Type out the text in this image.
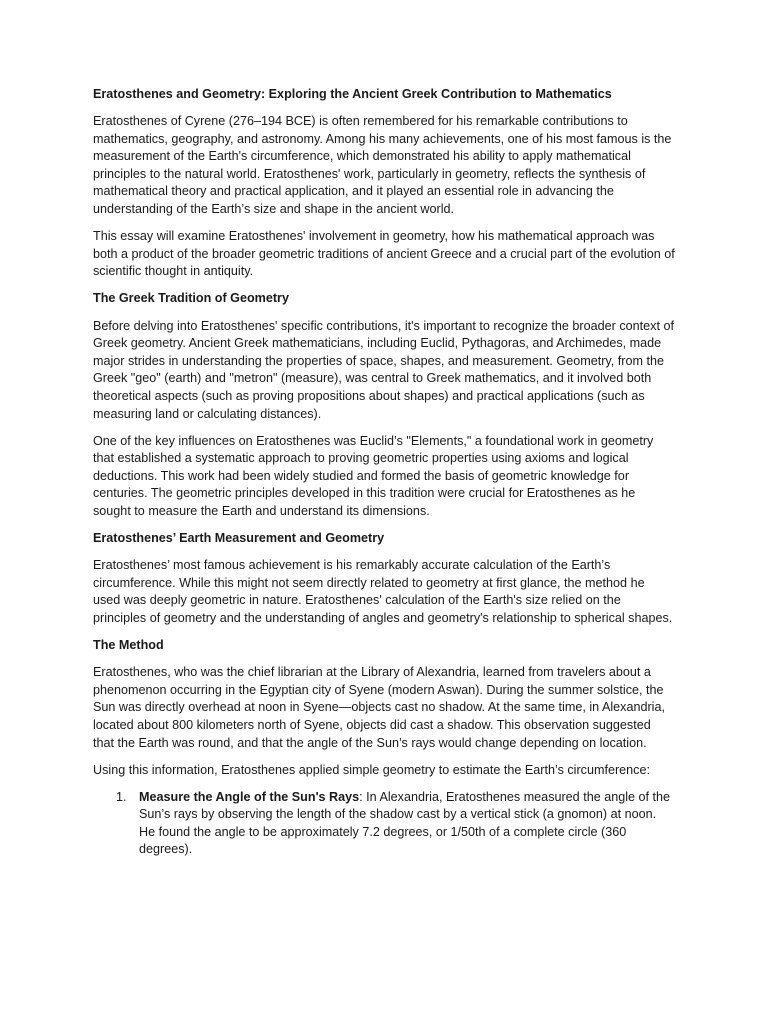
Eratosthenes and Geometry: Exploring the Ancient Greek Contribution to Mathematics

Eratosthenes of Cyrene (276–194 BCE) is often remembered for his remarkable contributions to mathematics, geography, and astronomy. Among his many achievements, one of his most famous is the measurement of the Earth's circumference, which demonstrated his ability to apply mathematical principles to the natural world. Eratosthenes' work, particularly in geometry, reflects the synthesis of mathematical theory and practical application, and it played an essential role in advancing the understanding of the Earth’s size and shape in the ancient world.

This essay will examine Eratosthenes' involvement in geometry, how his mathematical approach was both a product of the broader geometric traditions of ancient Greece and a crucial part of the evolution of scientific thought in antiquity.

The Greek Tradition of Geometry

Before delving into Eratosthenes' specific contributions, it's important to recognize the broader context of Greek geometry. Ancient Greek mathematicians, including Euclid, Pythagoras, and Archimedes, made major strides in understanding the properties of space, shapes, and measurement. Geometry, from the Greek "geo" (earth) and "metron" (measure), was central to Greek mathematics, and it involved both theoretical aspects (such as proving propositions about shapes) and practical applications (such as measuring land or calculating distances).

One of the key influences on Eratosthenes was Euclid’s "Elements," a foundational work in geometry that established a systematic approach to proving geometric properties using axioms and logical deductions. This work had been widely studied and formed the basis of geometric knowledge for centuries. The geometric principles developed in this tradition were crucial for Eratosthenes as he sought to measure the Earth and understand its dimensions.

Eratosthenes’ Earth Measurement and Geometry

Eratosthenes’ most famous achievement is his remarkably accurate calculation of the Earth’s circumference. While this might not seem directly related to geometry at first glance, the method he used was deeply geometric in nature. Eratosthenes' calculation of the Earth's size relied on the principles of geometry and the understanding of angles and geometry's relationship to spherical shapes.

The Method

Eratosthenes, who was the chief librarian at the Library of Alexandria, learned from travelers about a phenomenon occurring in the Egyptian city of Syene (modern Aswan). During the summer solstice, the Sun was directly overhead at noon in Syene—objects cast no shadow. At the same time, in Alexandria, located about 800 kilometers north of Syene, objects did cast a shadow. This observation suggested that the Earth was round, and that the angle of the Sun’s rays would change depending on location.

Using this information, Eratosthenes applied simple geometry to estimate the Earth’s circumference:

1. Measure the Angle of the Sun's Rays: In Alexandria, Eratosthenes measured the angle of the Sun’s rays by observing the length of the shadow cast by a vertical stick (a gnomon) at noon. He found the angle to be approximately 7.2 degrees, or 1/50th of a complete circle (360 degrees).
